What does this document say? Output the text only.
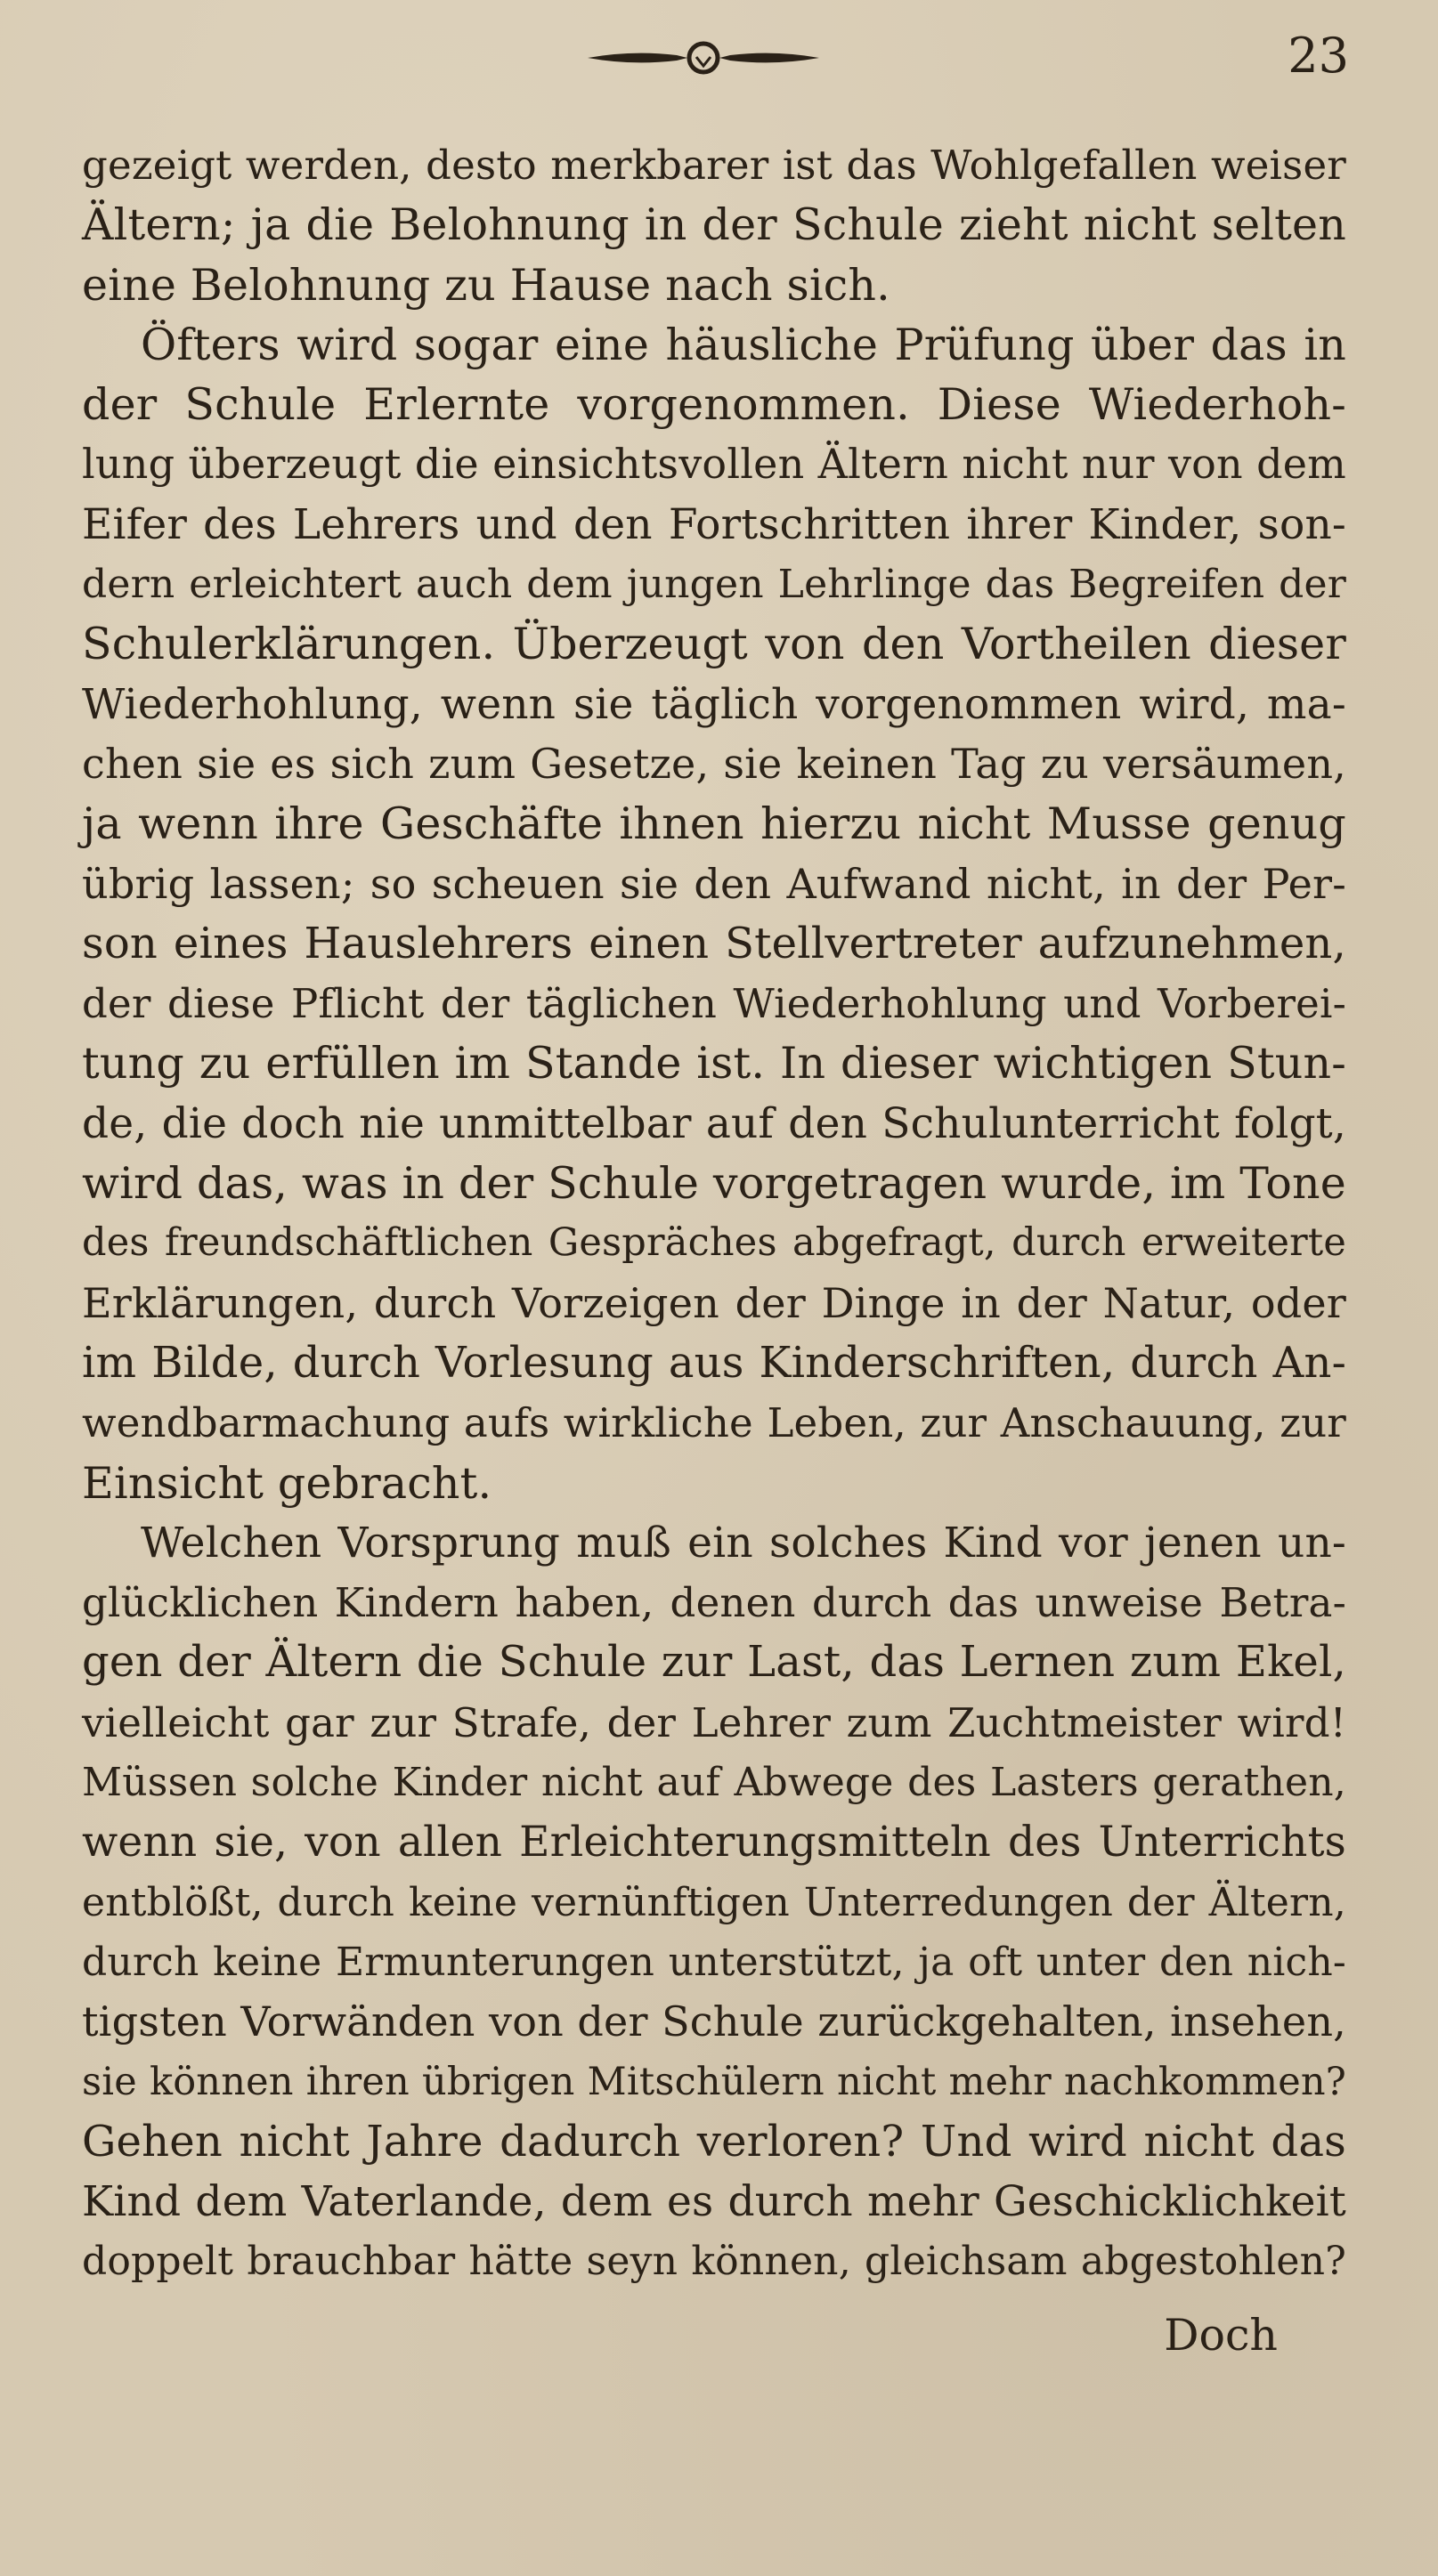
23
gezeigt werden, desto merkbarer ist das Wohlgefallen weiser
Ältern; ja die Belohnung in der Schule zieht nicht selten
eine Belohnung zu Hause nach sich.
Öfters wird sogar eine häusliche Prüfung über das in
der Schule Erlernte vorgenommen. Diese Wiederhoh-
lung überzeugt die einsichtsvollen Ältern nicht nur von dem
Eifer des Lehrers und den Fortschritten ihrer Kinder, son-
dern erleichtert auch dem jungen Lehrlinge das Begreifen der
Schulerklärungen. Überzeugt von den Vortheilen dieser
Wiederhohlung, wenn sie täglich vorgenommen wird, ma-
chen sie es sich zum Gesetze, sie keinen Tag zu versäumen,
ja wenn ihre Geschäfte ihnen hierzu nicht Musse genug
übrig lassen; so scheuen sie den Aufwand nicht, in der Per-
son eines Hauslehrers einen Stellvertreter aufzunehmen,
der diese Pflicht der täglichen Wiederhohlung und Vorberei-
tung zu erfüllen im Stande ist. In dieser wichtigen Stun-
de, die doch nie unmittelbar auf den Schulunterricht folgt,
wird das, was in der Schule vorgetragen wurde, im Tone
des freundschäftlichen Gespräches abgefragt, durch erweiterte
Erklärungen, durch Vorzeigen der Dinge in der Natur, oder
im Bilde, durch Vorlesung aus Kinderschriften, durch An-
wendbarmachung aufs wirkliche Leben, zur Anschauung, zur
Einsicht gebracht.
Welchen Vorsprung muß ein solches Kind vor jenen un-
glücklichen Kindern haben, denen durch das unweise Betra-
gen der Ältern die Schule zur Last, das Lernen zum Ekel,
vielleicht gar zur Strafe, der Lehrer zum Zuchtmeister wird!
Müssen solche Kinder nicht auf Abwege des Lasters gerathen,
wenn sie, von allen Erleichterungsmitteln des Unterrichts
entblößt, durch keine vernünftigen Unterredungen der Ältern,
durch keine Ermunterungen unterstützt, ja oft unter den nich-
tigsten Vorwänden von der Schule zurückgehalten, insehen,
sie können ihren übrigen Mitschülern nicht mehr nachkommen?
Gehen nicht Jahre dadurch verloren? Und wird nicht das
Kind dem Vaterlande, dem es durch mehr Geschicklichkeit
doppelt brauchbar hätte seyn können, gleichsam abgestohlen?
Doch
